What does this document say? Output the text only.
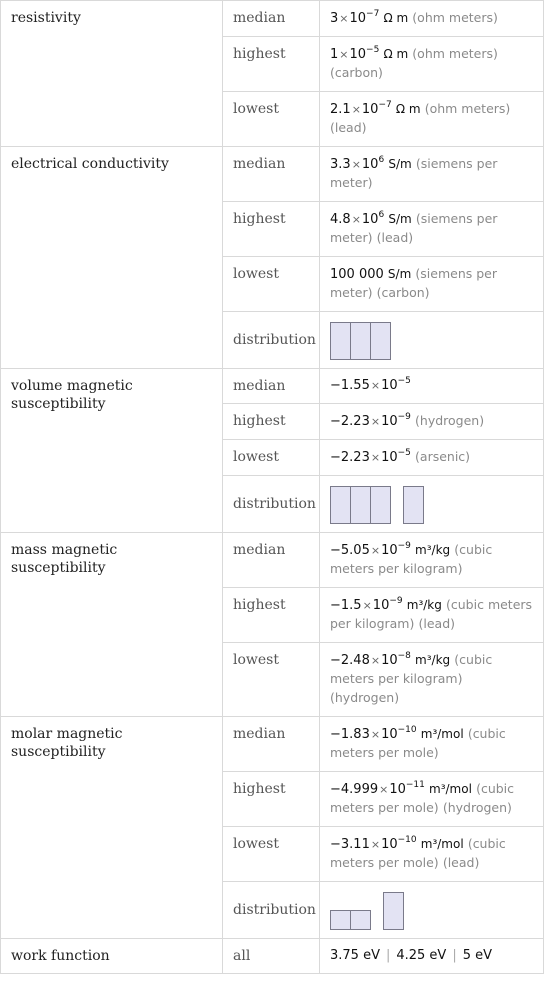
resistivity	median	$3\times 10^{-7}$ Ω m (ohm meters)
	highest	$1\times 10^{-5}$ Ω m (ohm meters) (carbon)
	lowest	$2.1\times 10^{-7}$ Ω m (ohm meters) (lead)
electrical conductivity	median	$3.3\times 10^6$ S/m (siemens per meter)
	highest	$4.8\times 10^6$ S/m (siemens per meter) (lead)
	lowest	100 000 S/m (siemens per meter) (carbon)
	distribution	

volume magnetic susceptibility	median	$-1.55\times 10^{-5}$
	highest	$-2.23\times 10^{-9}$ (hydrogen)
	lowest	$-2.23\times 10^{-5}$ (arsenic)
	distribution	

mass magnetic susceptibility	median	$-5.05\times 10^{-9}$ m³/kg (cubic meters per kilogram)
	highest	$-1.5\times 10^{-9}$ m³/kg (cubic meters per kilogram) (lead)
	lowest	$-2.48\times 10^{-8}$ m³/kg (cubic meters per kilogram) (hydrogen)
molar magnetic susceptibility	median	$-1.83\times 10^{-10}$ m³/mol (cubic meters per mole)
	highest	$-4.999\times 10^{-11}$ m³/mol (cubic meters per mole) (hydrogen)
	lowest	$-3.11\times 10^{-10}$ m³/mol (cubic meters per mole) (lead)
	distribution	

work function	all	3.75 eV | 4.25 eV | 5 eV
